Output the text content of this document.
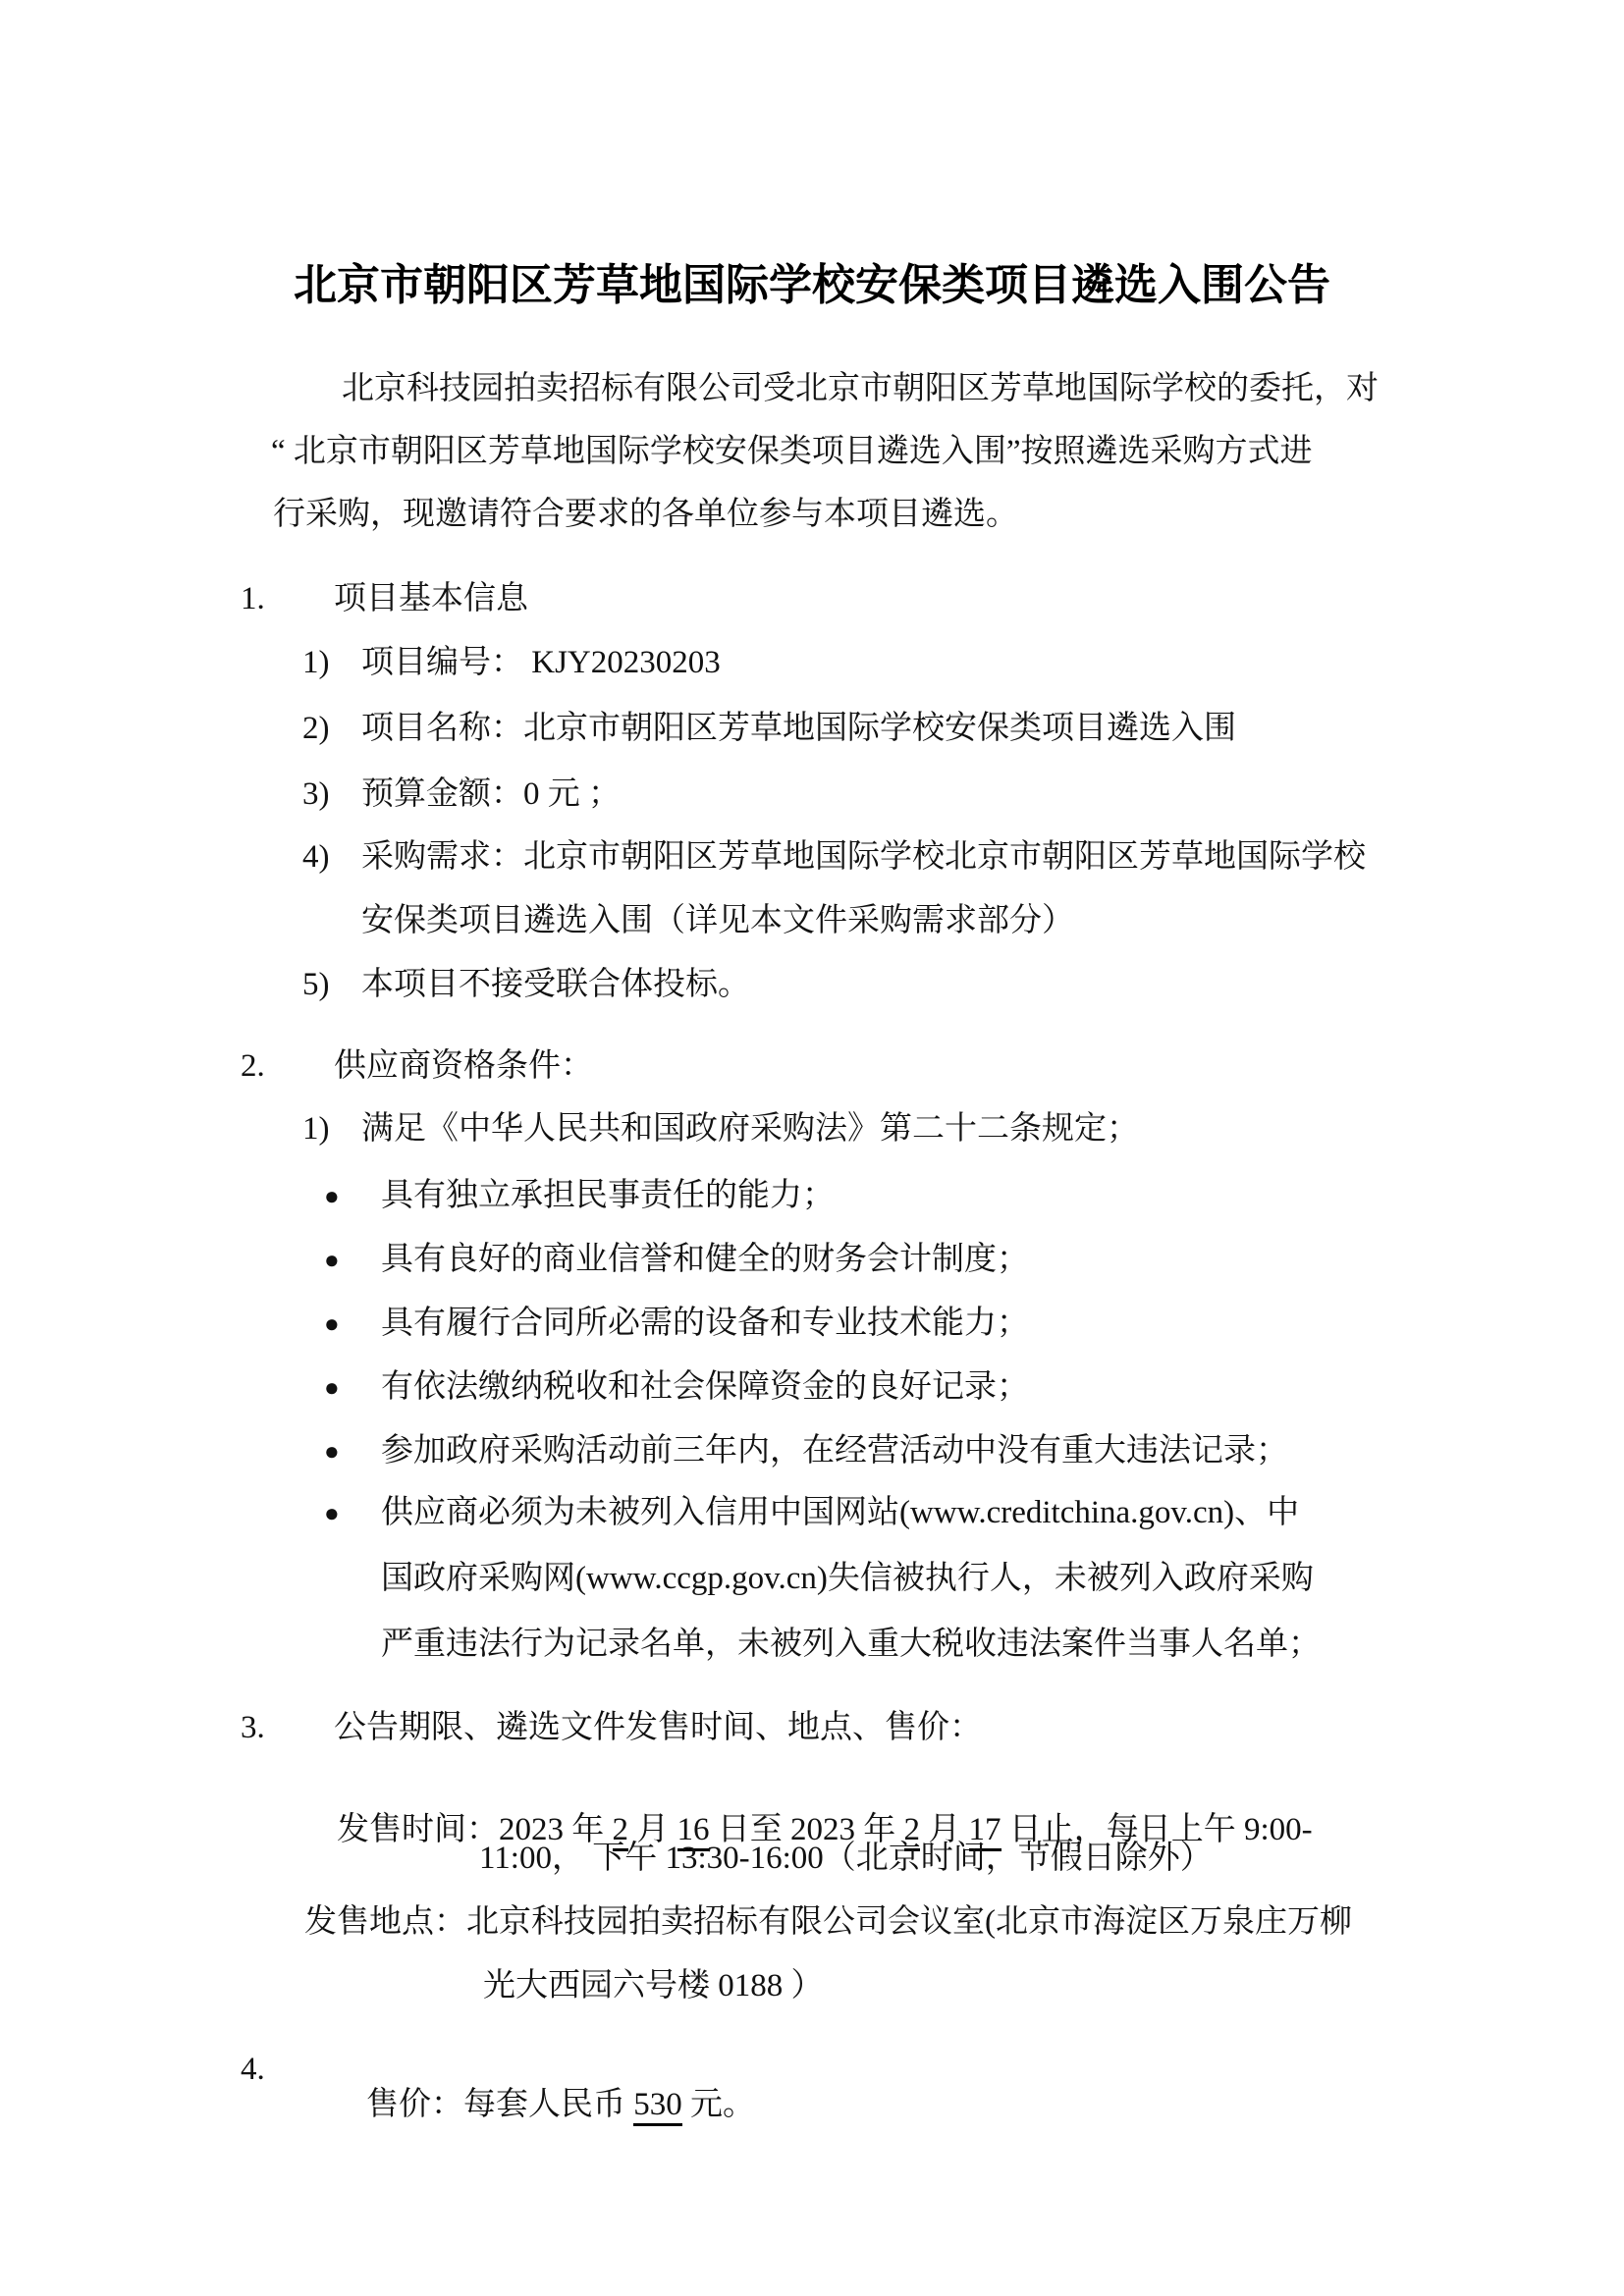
北京市朝阳区芳草地国际学校安保类项目遴选入围公告
北京科技园拍卖招标有限公司受北京市朝阳区芳草地国际学校的委托，对
“ 北京市朝阳区芳草地国际学校安保类项目遴选入围”按照遴选采购方式进
行采购，现邀请符合要求的各单位参与本项目遴选。
1. 项目基本信息
1) 项目编号： KJY20230203
2) 项目名称：北京市朝阳区芳草地国际学校安保类项目遴选入围
3) 预算金额：0 元 ；
4) 采购需求：北京市朝阳区芳草地国际学校北京市朝阳区芳草地国际学校
安保类项目遴选入围（详见本文件采购需求部分）
5) 本项目不接受联合体投标。
2. 供应商资格条件：
1) 满足《中华人民共和国政府采购法》第二十二条规定；
● 具有独立承担民事责任的能力；
● 具有良好的商业信誉和健全的财务会计制度；
● 具有履行合同所必需的设备和专业技术能力；
● 有依法缴纳税收和社会保障资金的良好记录；
● 参加政府采购活动前三年内，在经营活动中没有重大违法记录；
● 供应商必须为未被列入信用中国网站(www.creditchina.gov.cn)、中
国政府采购网(www.ccgp.gov.cn)失信被执行人，未被列入政府采购
严重违法行为记录名单，未被列入重大税收违法案件当事人名单；
3. 公告期限、遴选文件发售时间、地点、售价：

发售时间：2023 年 2 月 16 日至 2023 年 2 月 17 日止，每日上午 9:00-

11:00， 下午 13:30-16:00（北京时间，节假日除外）
发售地点：北京科技园拍卖招标有限公司会议室(北京市海淀区万泉庄万柳
光大西园六号楼 0188 ）
4.

售价：每套人民币 530 元。
